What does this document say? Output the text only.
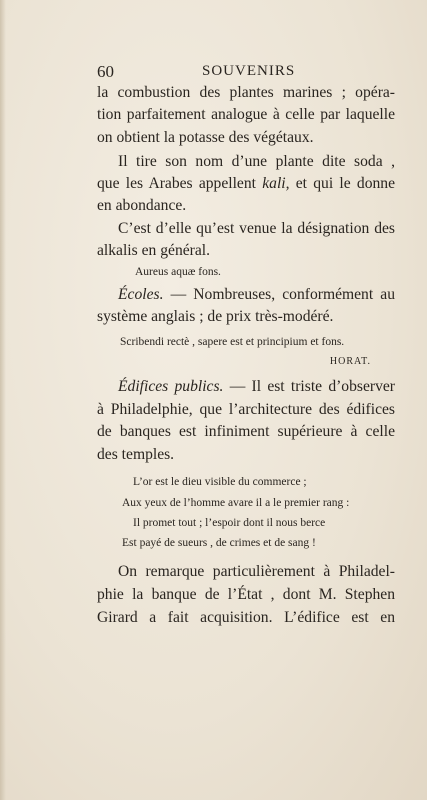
60	SOUVENIRS

la combustion des plantes marines ; opéra-

tion parfaitement analogue à celle par laquelle

on obtient la potasse des végétaux.

Il tire son nom d’une plante dite soda ,

que les Arabes appellent kali, et qui le donne

en abondance.

C’est d’elle qu’est venue la désignation des

alkalis en général.

Aureus aquæ fons.

Écoles. — Nombreuses, conformément au

système anglais ; de prix très-modéré.

Scribendi rectè , sapere est et principium et fons.

HORAT.

Édifices publics. — Il est triste d’observer

à Philadelphie, que l’architecture des édifices

de banques est infiniment supérieure à celle

des temples.

L’or est le dieu visible du commerce ;
Aux yeux de l’homme avare il a le premier rang :
Il promet tout ; l’espoir dont il nous berce
Est payé de sueurs , de crimes et de sang !

On remarque particulièrement à Philadel-

phie la banque de l’État , dont M. Stephen

Girard a fait acquisition. L’édifice est en
